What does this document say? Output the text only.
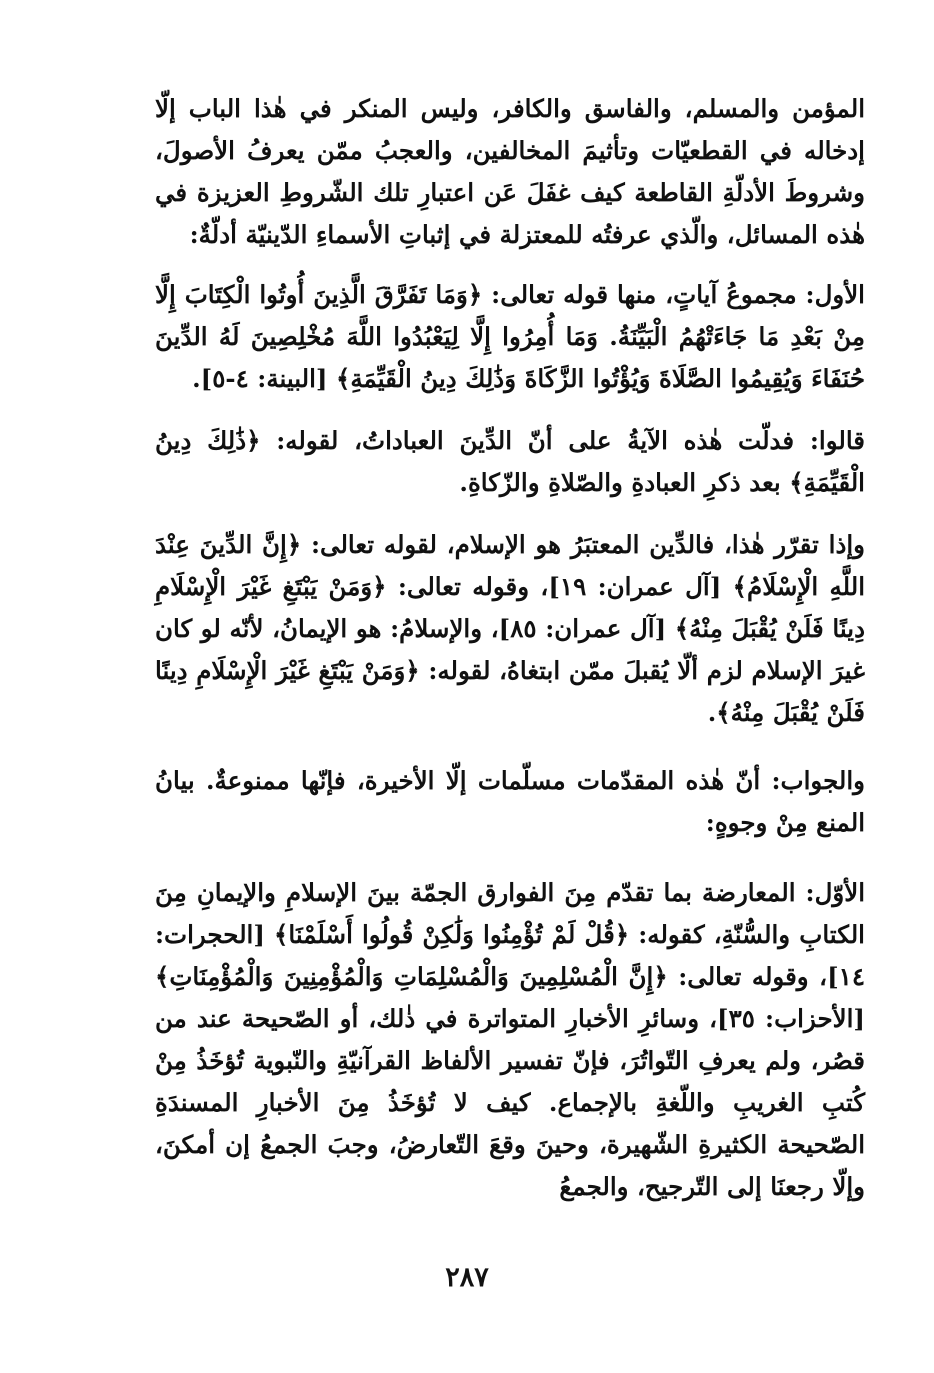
المؤمن والمسلم، والفاسق والكافر، وليس المنكر في هٰذا الباب إلّا إدخاله في القطعيّات وتأثيمَ المخالفين، والعجبُ ممّن يعرفُ الأصولَ، وشروطَ الأدلّةِ القاطعة كيف غفَلَ عَن اعتبارِ تلك الشّروطِ العزيزة في هٰذه المسائل، والّذي عرفتُه للمعتزلة في إثباتِ الأسماءِ الدّينيّة أدلّةٌ:

الأول: مجموعُ آياتٍ، منها قوله تعالى: ﴿وَمَا تَفَرَّقَ الَّذِينَ أُوتُوا الْكِتَابَ إِلَّا مِنْ بَعْدِ مَا جَاءَتْهُمُ الْبَيِّنَةُ. وَمَا أُمِرُوا إِلَّا لِيَعْبُدُوا اللَّهَ مُخْلِصِينَ لَهُ الدِّينَ حُنَفَاءَ وَيُقِيمُوا الصَّلَاةَ وَيُؤْتُوا الزَّكَاةَ وَذَٰلِكَ دِينُ الْقَيِّمَةِ﴾ [البينة: ٤-٥].

قالوا: فدلّت هٰذه الآيةُ على أنّ الدِّينَ العباداتُ، لقوله: ﴿ذَٰلِكَ دِينُ الْقَيِّمَةِ﴾ بعد ذكرِ العبادةِ والصّلاةِ والزّكاةِ.

وإذا تقرّر هٰذا، فالدِّين المعتبَرُ هو الإسلام، لقوله تعالى: ﴿إِنَّ الدِّينَ عِنْدَ اللَّهِ الْإِسْلَامُ﴾ [آل عمران: ١٩]، وقوله تعالى: ﴿وَمَنْ يَبْتَغِ غَيْرَ الْإِسْلَامِ دِينًا فَلَنْ يُقْبَلَ مِنْهُ﴾ [آل عمران: ٨٥]، والإسلامُ: هو الإيمانُ، لأنّه لو كان غيرَ الإسلام لزم ألّا يُقبلَ ممّن ابتغاهُ، لقوله: ﴿وَمَنْ يَبْتَغِ غَيْرَ الْإِسْلَامِ دِينًا فَلَنْ يُقْبَلَ مِنْهُ﴾.

والجواب: أنّ هٰذه المقدّمات مسلّمات إلّا الأخيرة، فإنّها ممنوعةٌ. بيانُ المنع مِنْ وجوهٍ:

الأوّل: المعارضة بما تقدّم مِنَ الفوارق الجمّة بينَ الإسلامِ والإيمانِ مِنَ الكتابِ والسُّنّةِ، كقوله: ﴿قُلْ لَمْ تُؤْمِنُوا وَلَٰكِنْ قُولُوا أَسْلَمْنَا﴾ [الحجرات: ١٤]، وقوله تعالى: ﴿إِنَّ الْمُسْلِمِينَ وَالْمُسْلِمَاتِ وَالْمُؤْمِنِينَ وَالْمُؤْمِنَاتِ﴾ [الأحزاب: ٣٥]، وسائرِ الأخبارِ المتواترة في ذٰلك، أو الصّحيحة عند من قصُر، ولم يعرفِ التّواتُرَ، فإنّ تفسير الألفاظ القرآنيّةِ والنّبوية تُؤخَذُ مِنْ كُتبِ الغريبِ واللّغةِ بالإجماع. كيف لا تُؤخَذُ مِنَ الأخبارِ المسندَةِ الصّحيحة الكثيرةِ الشّهيرة، وحينَ وقعَ التّعارضُ، وجبَ الجمعُ إن أمكنَ، وإلّا رجعنَا إلى التّرجيح، والجمعُ

٢٨٧
